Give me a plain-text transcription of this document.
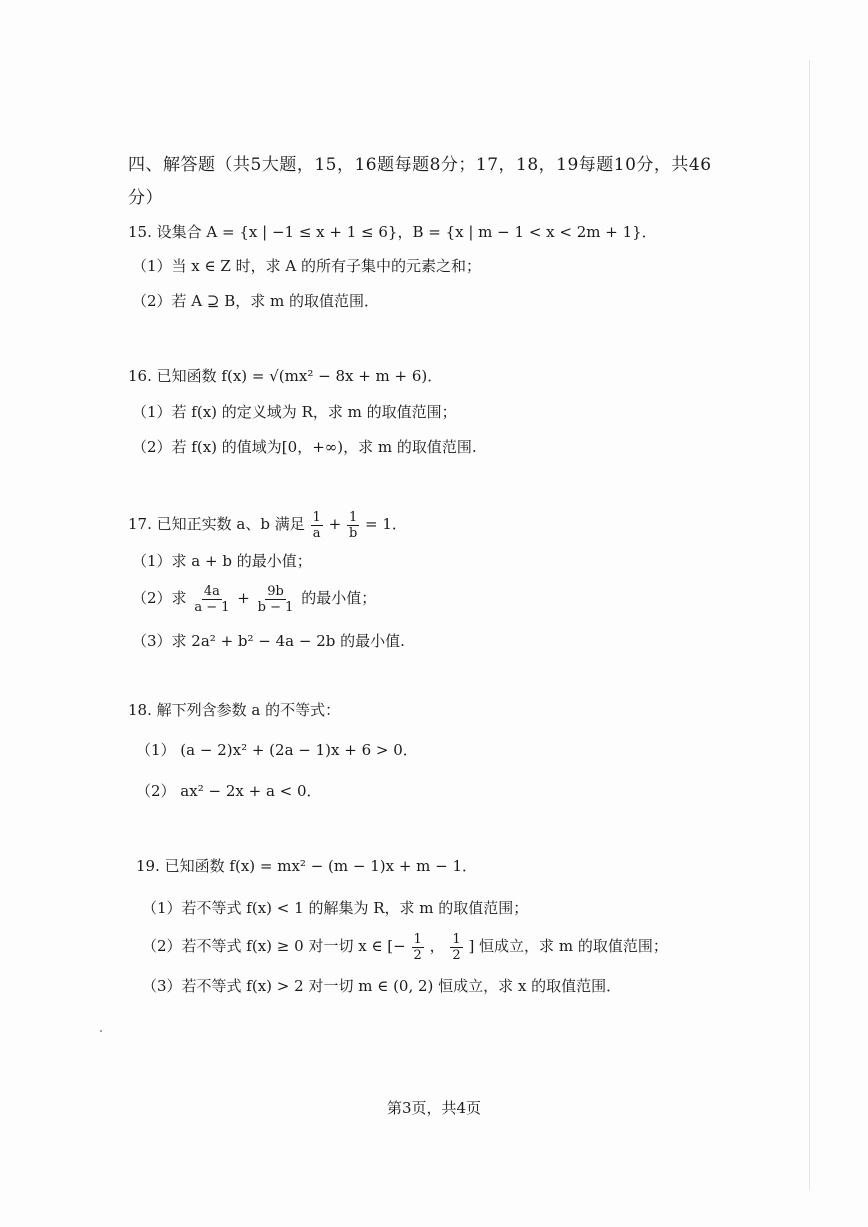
四、解答题（共5大题，15，16题每题8分；17，18，19每题10分，共46
分）
15. 设集合 A = {x | −1 ≤ x + 1 ≤ 6}，B = {x | m − 1 < x < 2m + 1}．
（1）当 x ∈ Z 时，求 A 的所有子集中的元素之和；
（2）若 A ⊇ B，求 m 的取值范围．
16. 已知函数 f(x) = √(mx² − 8x + m + 6)．
（1）若 f(x) 的定义域为 R，求 m 的取值范围；
（2）若 f(x) 的值域为[0，+∞)，求 m 的取值范围.
17. 已知正实数 a、b 满足 $\frac{1}{a} + \frac{1}{b} = 1$．
（1）求 a + b 的最小值；
（2）求 $\frac{4a}{a - 1} + \frac{9b}{b - 1}$ 的最小值；
（3）求 2a² + b² − 4a − 2b 的最小值.
18. 解下列含参数 a 的不等式：
（1） (a − 2)x² + (2a − 1)x + 6 > 0．
（2） ax² − 2x + a < 0．
19. 已知函数 f(x) = mx² − (m − 1)x + m − 1．
（1）若不等式 f(x) < 1 的解集为 R，求 m 的取值范围；
（2）若不等式 f(x) ≥ 0 对一切 x ∈ [− $\frac{1}{2}$ ， $\frac{1}{2}$ ] 恒成立，求 m 的取值范围；
（3）若不等式 f(x) > 2 对一切 m ∈ (0, 2) 恒成立，求 x 的取值范围．
第3页，共4页
